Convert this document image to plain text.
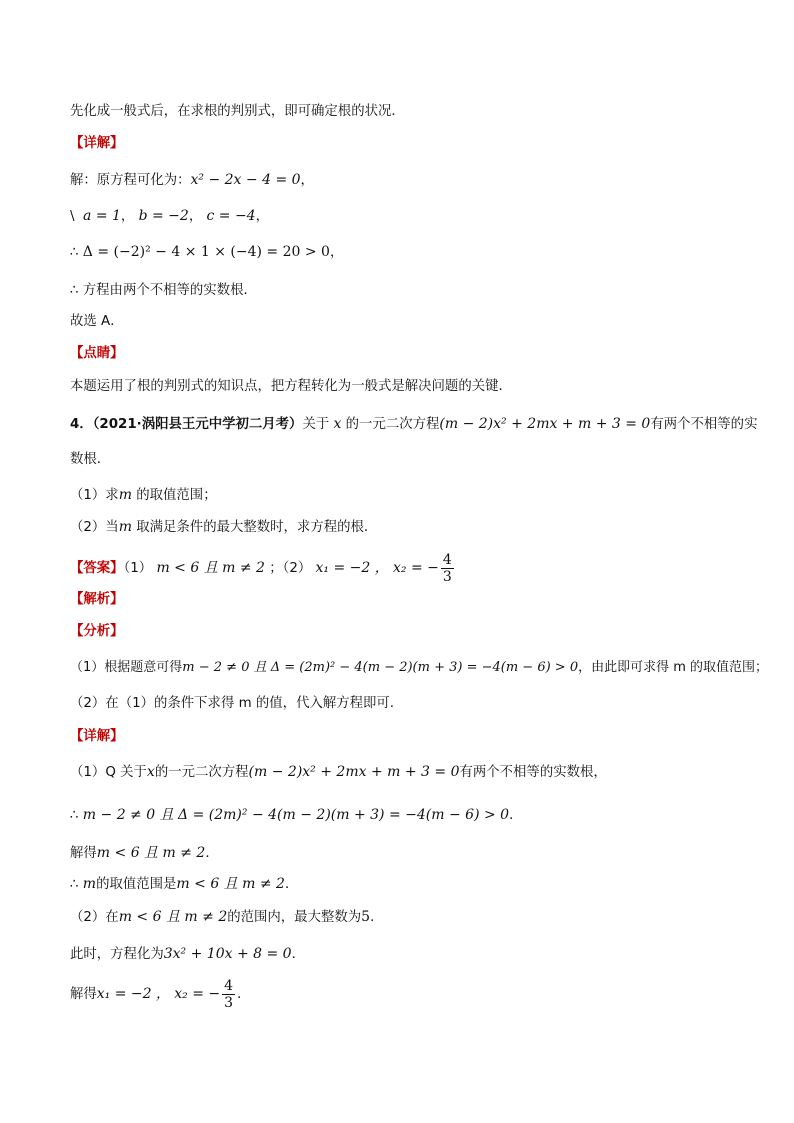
先化成一般式后，在求根的判别式，即可确定根的状况．
【详解】
解：原方程可化为：x² − 2x − 4 = 0，
\ a = 1， b = −2， c = −4，
∴ Δ = (−2)² − 4 × 1 × (−4) = 20 > 0，
∴ 方程由两个不相等的实数根．
故选 A．
【点睛】
本题运用了根的判别式的知识点，把方程转化为一般式是解决问题的关键．
4．（2021·涡阳县王元中学初二月考）关于 x 的一元二次方程(m − 2)x² + 2mx + m + 3 = 0有两个不相等的实
数根．
（1）求m 的取值范围；
（2）当m 取满足条件的最大整数时，求方程的根．
【答案】（1） m < 6 且 m ≠ 2 ；（2） x₁ = −2 ， x₂ = − $\frac{4}{3}$
【解析】
【分析】
（1）根据题意可得m − 2 ≠ 0 且 Δ = (2m)² − 4(m − 2)(m + 3) = −4(m − 6) > 0，由此即可求得 m 的取值范围；
（2）在（1）的条件下求得 m 的值，代入解方程即可.
【详解】
（1）Q 关于x的一元二次方程(m − 2)x² + 2mx + m + 3 = 0有两个不相等的实数根，
∴ m − 2 ≠ 0 且 Δ = (2m)² − 4(m − 2)(m + 3) = −4(m − 6) > 0．
解得m < 6 且 m ≠ 2．
∴ m的取值范围是m < 6 且 m ≠ 2．
（2）在m < 6 且 m ≠ 2的范围内，最大整数为5．
此时，方程化为3x² + 10x + 8 = 0．
解得x₁ = −2 ， x₂ = − $\frac{4}{3}$ ．
